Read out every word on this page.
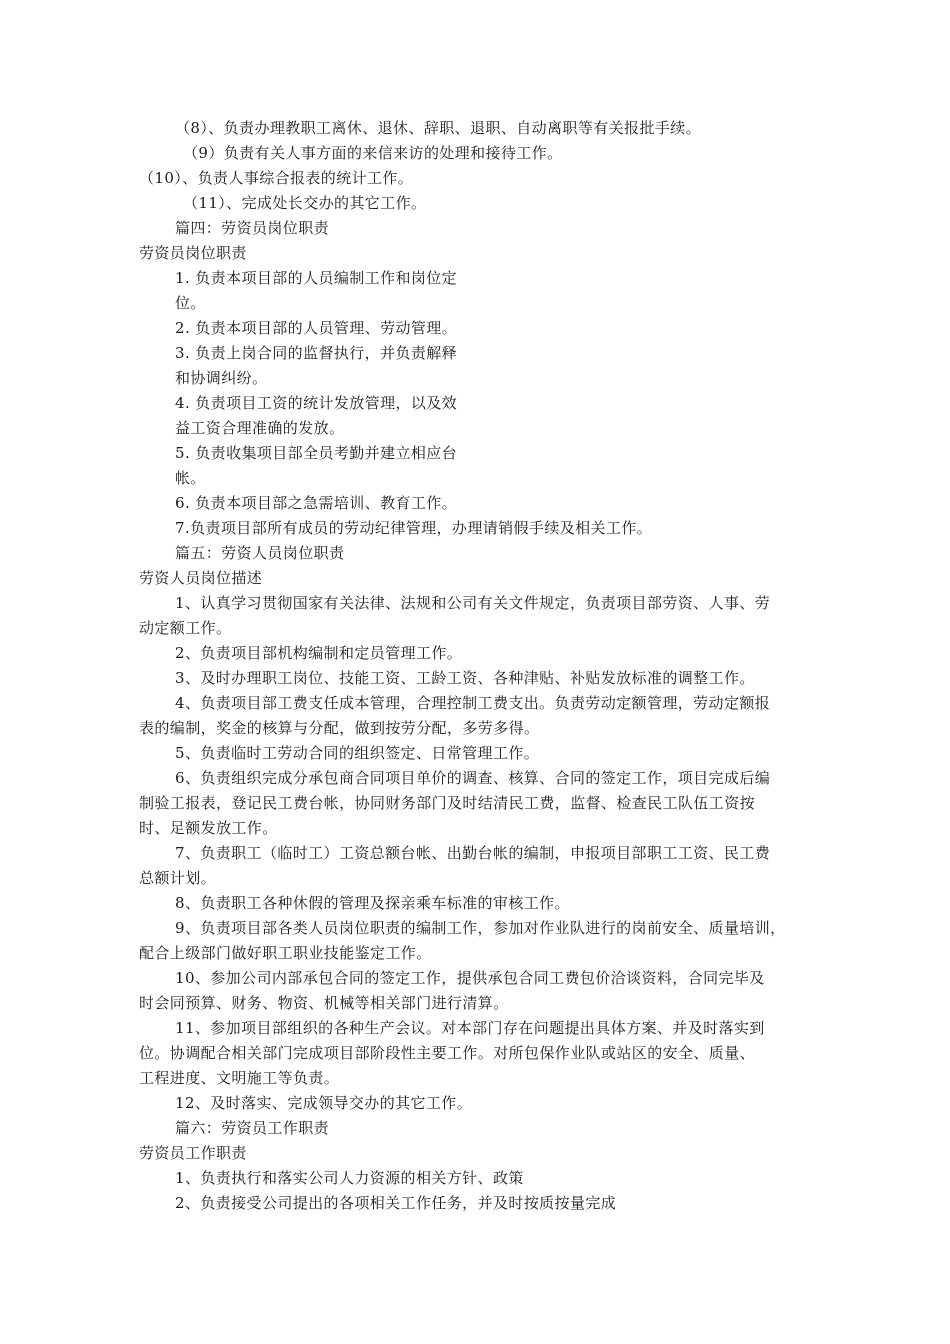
（8）、负责办理教职工离休、退休、辞职、退职、自动离职等有关报批手续。
（9）负责有关人事方面的来信来访的处理和接待工作。
（10）、负责人事综合报表的统计工作。
（11）、完成处长交办的其它工作。
篇四：劳资员岗位职责
劳资员岗位职责
1. 负责本项目部的人员编制工作和岗位定
位。
2. 负责本项目部的人员管理、劳动管理。
3. 负责上岗合同的监督执行，并负责解释
和协调纠纷。
4. 负责项目工资的统计发放管理，以及效
益工资合理准确的发放。
5. 负责收集项目部全员考勤并建立相应台
帐。
6. 负责本项目部之急需培训、教育工作。
7.负责项目部所有成员的劳动纪律管理，办理请销假手续及相关工作。
篇五：劳资人员岗位职责
劳资人员岗位描述
1、认真学习贯彻国家有关法律、法规和公司有关文件规定，负责项目部劳资、人事、劳
动定额工作。
2、负责项目部机构编制和定员管理工作。
3、及时办理职工岗位、技能工资、工龄工资、各种津贴、补贴发放标准的调整工作。
4、负责项目部工费支任成本管理，合理控制工费支出。负责劳动定额管理，劳动定额报
表的编制，奖金的核算与分配，做到按劳分配，多劳多得。
5、负责临时工劳动合同的组织签定、日常管理工作。
6、负责组织完成分承包商合同项目单价的调查、核算、合同的签定工作，项目完成后编
制验工报表，登记民工费台帐，协同财务部门及时结清民工费，监督、检查民工队伍工资按
时、足额发放工作。
7、负责职工（临时工）工资总额台帐、出勤台帐的编制，申报项目部职工工资、民工费
总额计划。
8、负责职工各种休假的管理及探亲乘车标准的审核工作。
9、负责项目部各类人员岗位职责的编制工作，参加对作业队进行的岗前安全、质量培训，
配合上级部门做好职工职业技能鉴定工作。
10、参加公司内部承包合同的签定工作，提供承包合同工费包价洽谈资料，合同完毕及
时会同预算、财务、物资、机械等相关部门进行清算。
11、参加项目部组织的各种生产会议。对本部门存在问题提出具体方案、并及时落实到
位。协调配合相关部门完成项目部阶段性主要工作。对所包保作业队或站区的安全、质量、
工程进度、文明施工等负责。
12、及时落实、完成领导交办的其它工作。
篇六：劳资员工作职责
劳资员工作职责
1、负责执行和落实公司人力资源的相关方针、政策
2、负责接受公司提出的各项相关工作任务，并及时按质按量完成
